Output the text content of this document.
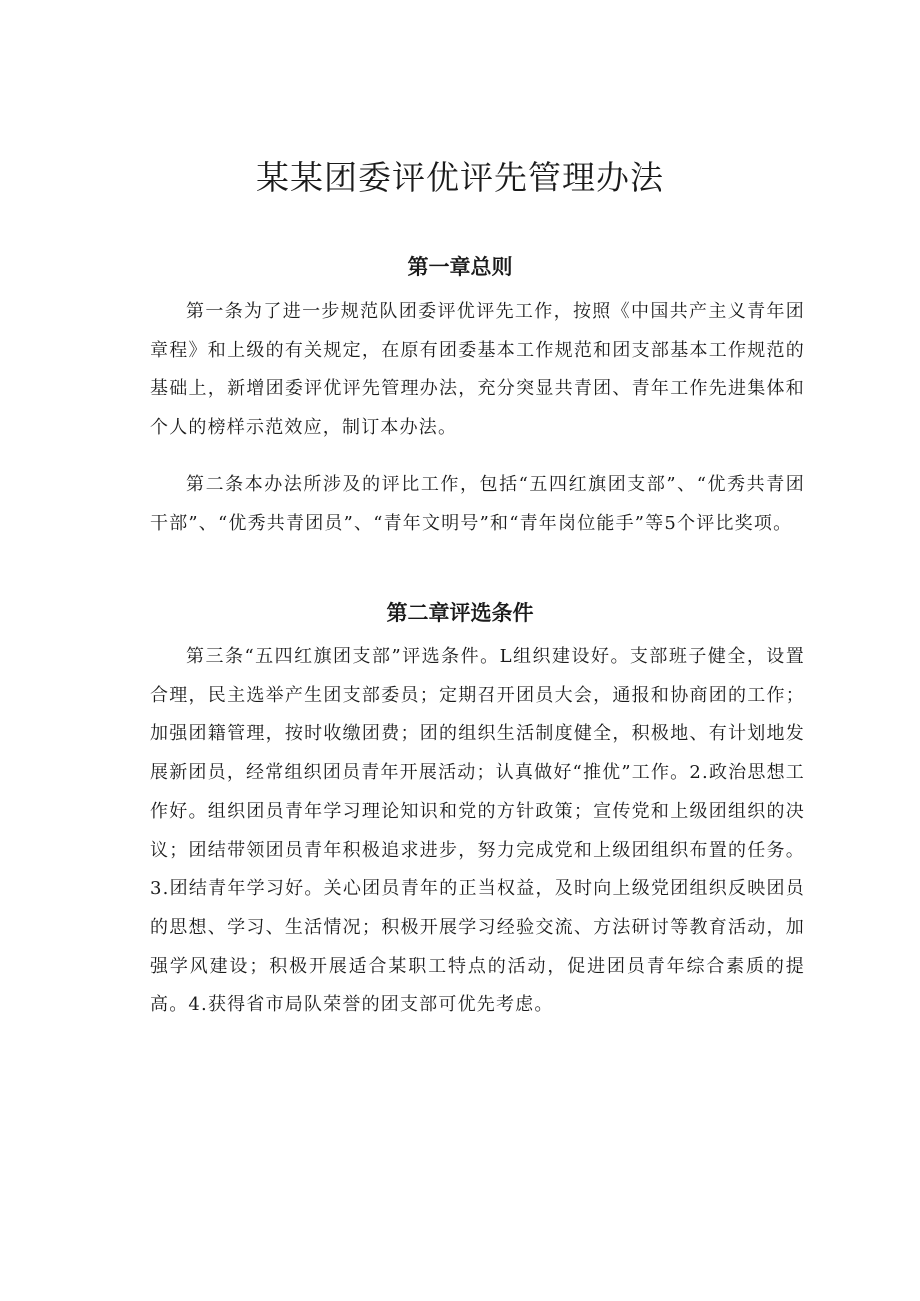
某某团委评优评先管理办法
第一章总则

第一条为了进一步规范队团委评优评先工作，按照《中国共产主义青年团章程》和上级的有关规定，在原有团委基本工作规范和团支部基本工作规范的基础上，新增团委评优评先管理办法，充分突显共青团、青年工作先进集体和个人的榜样示范效应，制订本办法。

第二条本办法所涉及的评比工作，包括“五四红旗团支部”、“优秀共青团干部”、“优秀共青团员”、“青年文明号”和“青年岗位能手”等5个评比奖项。

第二章评选条件

第三条“五四红旗团支部”评选条件。L组织建设好。支部班子健全，设置合理，民主选举产生团支部委员；定期召开团员大会，通报和协商团的工作；加强团籍管理，按时收缴团费；团的组织生活制度健全，积极地、有计划地发展新团员，经常组织团员青年开展活动；认真做好“推优”工作。2.政治思想工作好。组织团员青年学习理论知识和党的方针政策；宣传党和上级团组织的决议；团结带领团员青年积极追求进步，努力完成党和上级团组织布置的任务。3.团结青年学习好。关心团员青年的正当权益，及时向上级党团组织反映团员的思想、学习、生活情况；积极开展学习经验交流、方法研讨等教育活动，加强学风建设；积极开展适合某职工特点的活动，促进团员青年综合素质的提高。4.获得省市局队荣誉的团支部可优先考虑。
